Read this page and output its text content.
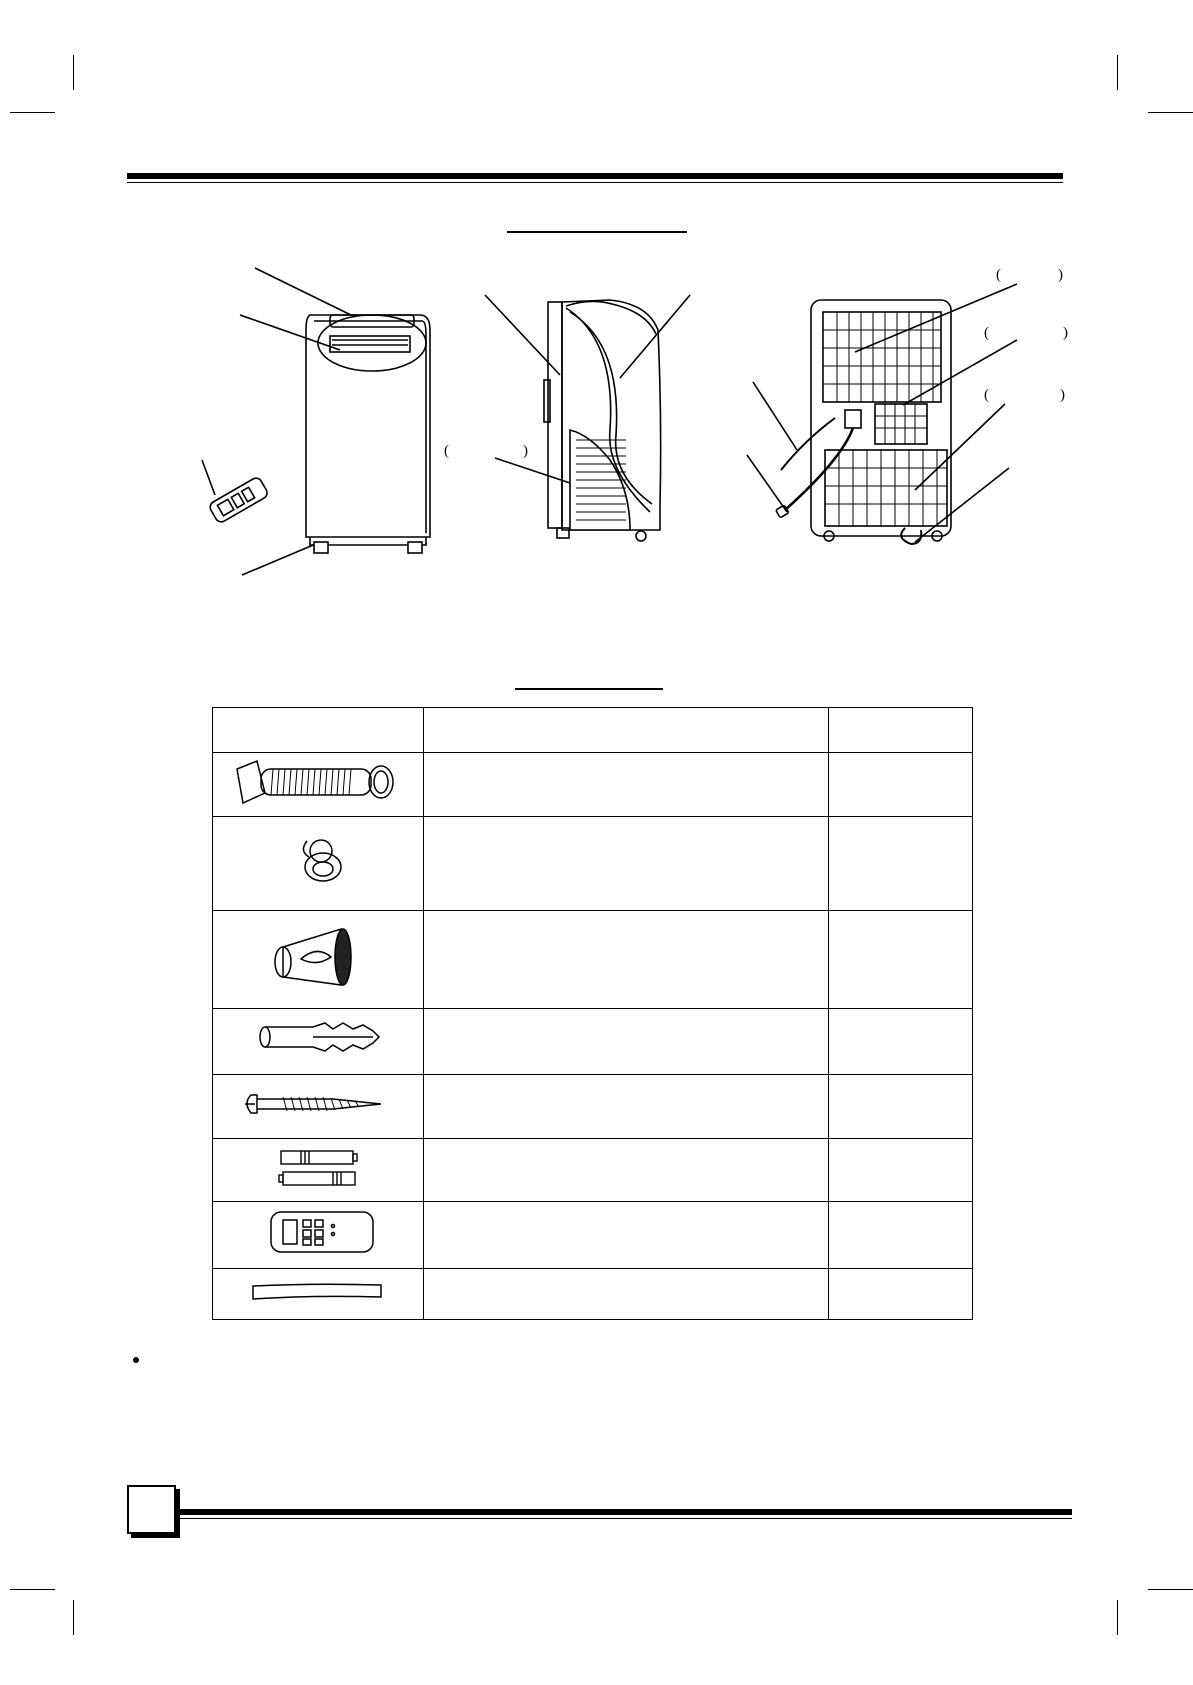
(	)
(	)
(	)
(	)
